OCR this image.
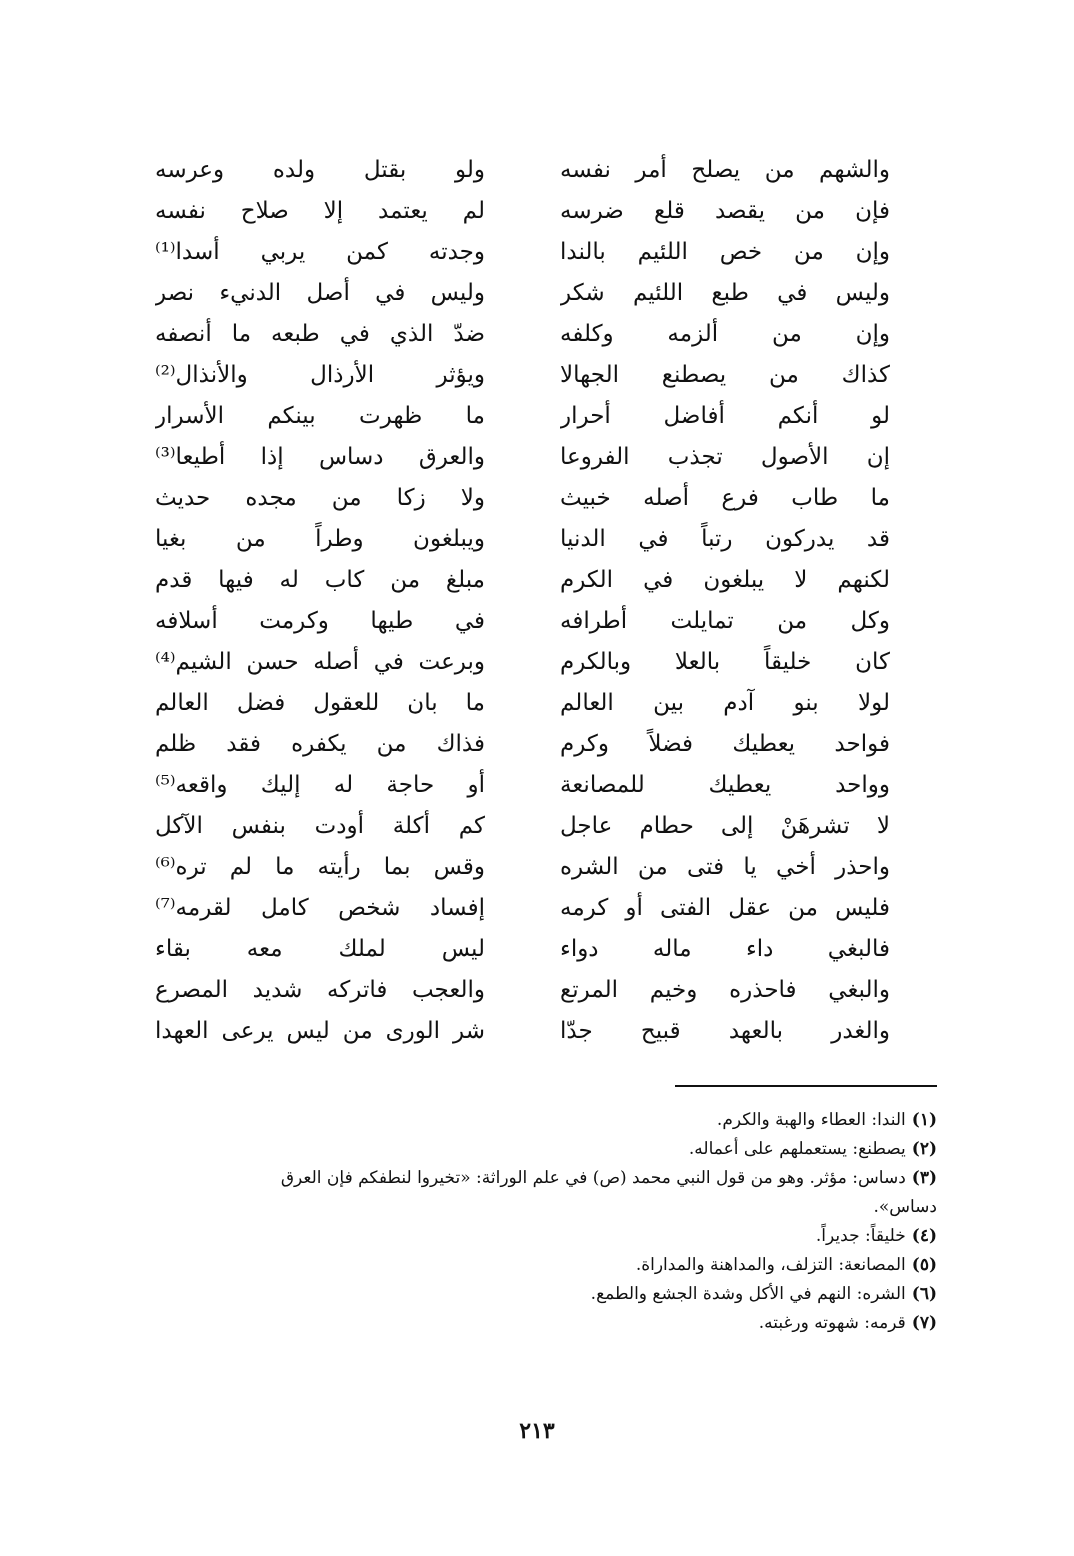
والشهم من يصلح أمر نفسه
فإن من يقصد قلع ضرسه
وإن من خص اللئيم بالندا
وليس في طبع اللئيم شكر
وإن من ألزمه وكلفه
كذاك من يصطنع الجهالا
لو أنكم أفاضل أحرار
إن الأصول تجذب الفروعا
ما طاب فرع أصله خبيث
قد يدركون رتباً في الدنيا
لكنهم لا يبلغون في الكرم
وكل من تمايلت أطرافه
كان خليقاً بالعلا وبالكرم
لولا بنو آدم بين العالم
فواحد يعطيك فضلاً وكرم
وواحد يعطيك للمصانعة
لا تشرهَنْ إلى حطام عاجل
واحذر أخي يا فتى من الشره
فليس من عقل الفتى أو كرمه
فالبغي داء ماله دواء
والبغي فاحذره وخيم المرتع
والغدر بالعهد قبيح جدّا
ولو بقتل ولده وعرسه
لم يعتمد إلا صلاح نفسه
وجدته كمن يربي أسدا⁽¹⁾
وليس في أصل الدنيء نصر
ضدّ الذي في طبعه ما أنصفه
ويؤثر الأرذال والأنذال⁽²⁾
ما ظهرت بينكم الأسرار
والعرق دساس إذا أطيعا⁽³⁾
ولا زكا من مجده حديث
ويبلغون وطراً من بغيا
مبلغ من كاب له فيها قدم
في طيها وكرمت أسلافه
وبرعت في أصله حسن الشيم⁽⁴⁾
ما بان للعقول فضل العالم
فذاك من يكفره فقد ظلم
أو حاجة له إليك واقعه⁽⁵⁾
كم أكلة أودت بنفس الآكل
وقس بما رأيته ما لم تره⁽⁶⁾
إفساد شخص كامل لقرمه⁽⁷⁾
ليس لملك معه بقاء
والعجب فاتركه شديد المصرع
شر الورى من ليس يرعى العهدا
(١)الندا: العطاء والهبة والكرم.
(٢)يصطنع: يستعملهم على أعماله.
(٣)دساس: مؤثر. وهو من قول النبي محمد (ص) في علم الوراثة: «تخيروا لنطفكم فإن العرق
دساس».
(٤)خليقاً: جديراً.
(٥)المصانعة: التزلف، والمداهنة والمداراة.
(٦)الشره: النهم في الأكل وشدة الجشع والطمع.
(٧)قرمه: شهوته ورغبته.
٢١٣
